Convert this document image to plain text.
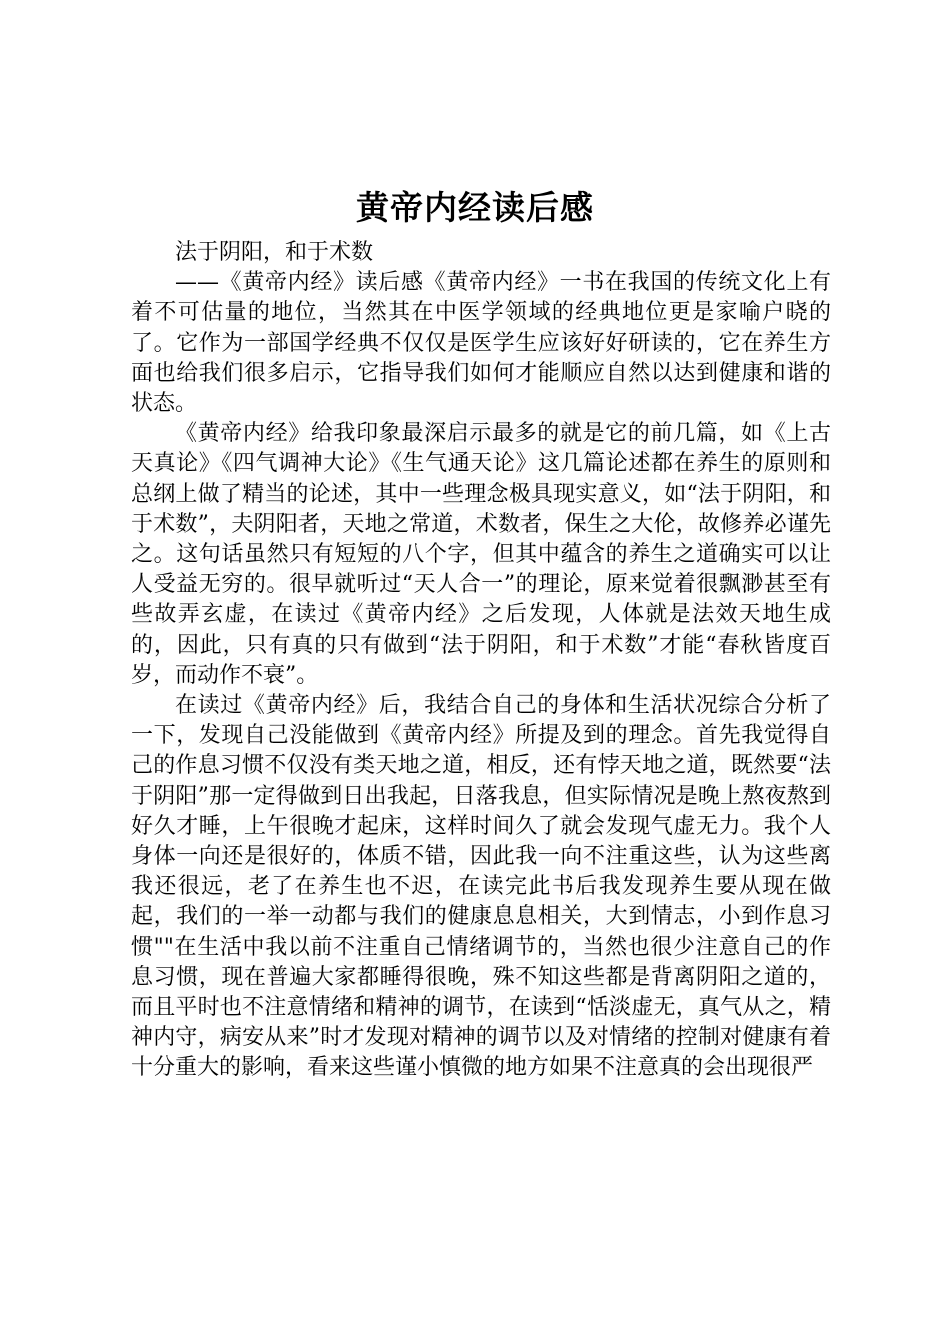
黄帝内经读后感

法于阴阳，和于术数

——《黄帝内经》读后感《黄帝内经》一书在我国的传统文化上有着不可估量的地位，当然其在中医学领域的经典地位更是家喻户晓的了。它作为一部国学经典不仅仅是医学生应该好好研读的，它在养生方面也给我们很多启示，它指导我们如何才能顺应自然以达到健康和谐的状态。

《黄帝内经》给我印象最深启示最多的就是它的前几篇，如《上古天真论》《四气调神大论》《生气通天论》这几篇论述都在养生的原则和总纲上做了精当的论述，其中一些理念极具现实意义，如“法于阴阳，和于术数”，夫阴阳者，天地之常道，术数者，保生之大伦，故修养必谨先之。这句话虽然只有短短的八个字，但其中蕴含的养生之道确实可以让人受益无穷的。很早就听过“天人合一”的理论，原来觉着很飘渺甚至有些故弄玄虚，在读过《黄帝内经》之后发现，人体就是法效天地生成的，因此，只有真的只有做到“法于阴阳，和于术数”才能“春秋皆度百岁，而动作不衰”。

在读过《黄帝内经》后，我结合自己的身体和生活状况综合分析了一下，发现自己没能做到《黄帝内经》所提及到的理念。首先我觉得自己的作息习惯不仅没有类天地之道，相反，还有悖天地之道，既然要“法于阴阳”那一定得做到日出我起，日落我息，但实际情况是晚上熬夜熬到好久才睡，上午很晚才起床，这样时间久了就会发现气虚无力。我个人身体一向还是很好的，体质不错，因此我一向不注重这些，认为这些离我还很远，老了在养生也不迟，在读完此书后我发现养生要从现在做起，我们的一举一动都与我们的健康息息相关，大到情志，小到作息习惯""在生活中我以前不注重自己情绪调节的，当然也很少注意自己的作息习惯，现在普遍大家都睡得很晚，殊不知这些都是背离阴阳之道的，而且平时也不注意情绪和精神的调节，在读到“恬淡虚无，真气从之，精神内守，病安从来”时才发现对精神的调节以及对情绪的控制对健康有着十分重大的影响，看来这些谨小慎微的地方如果不注意真的会出现很严
